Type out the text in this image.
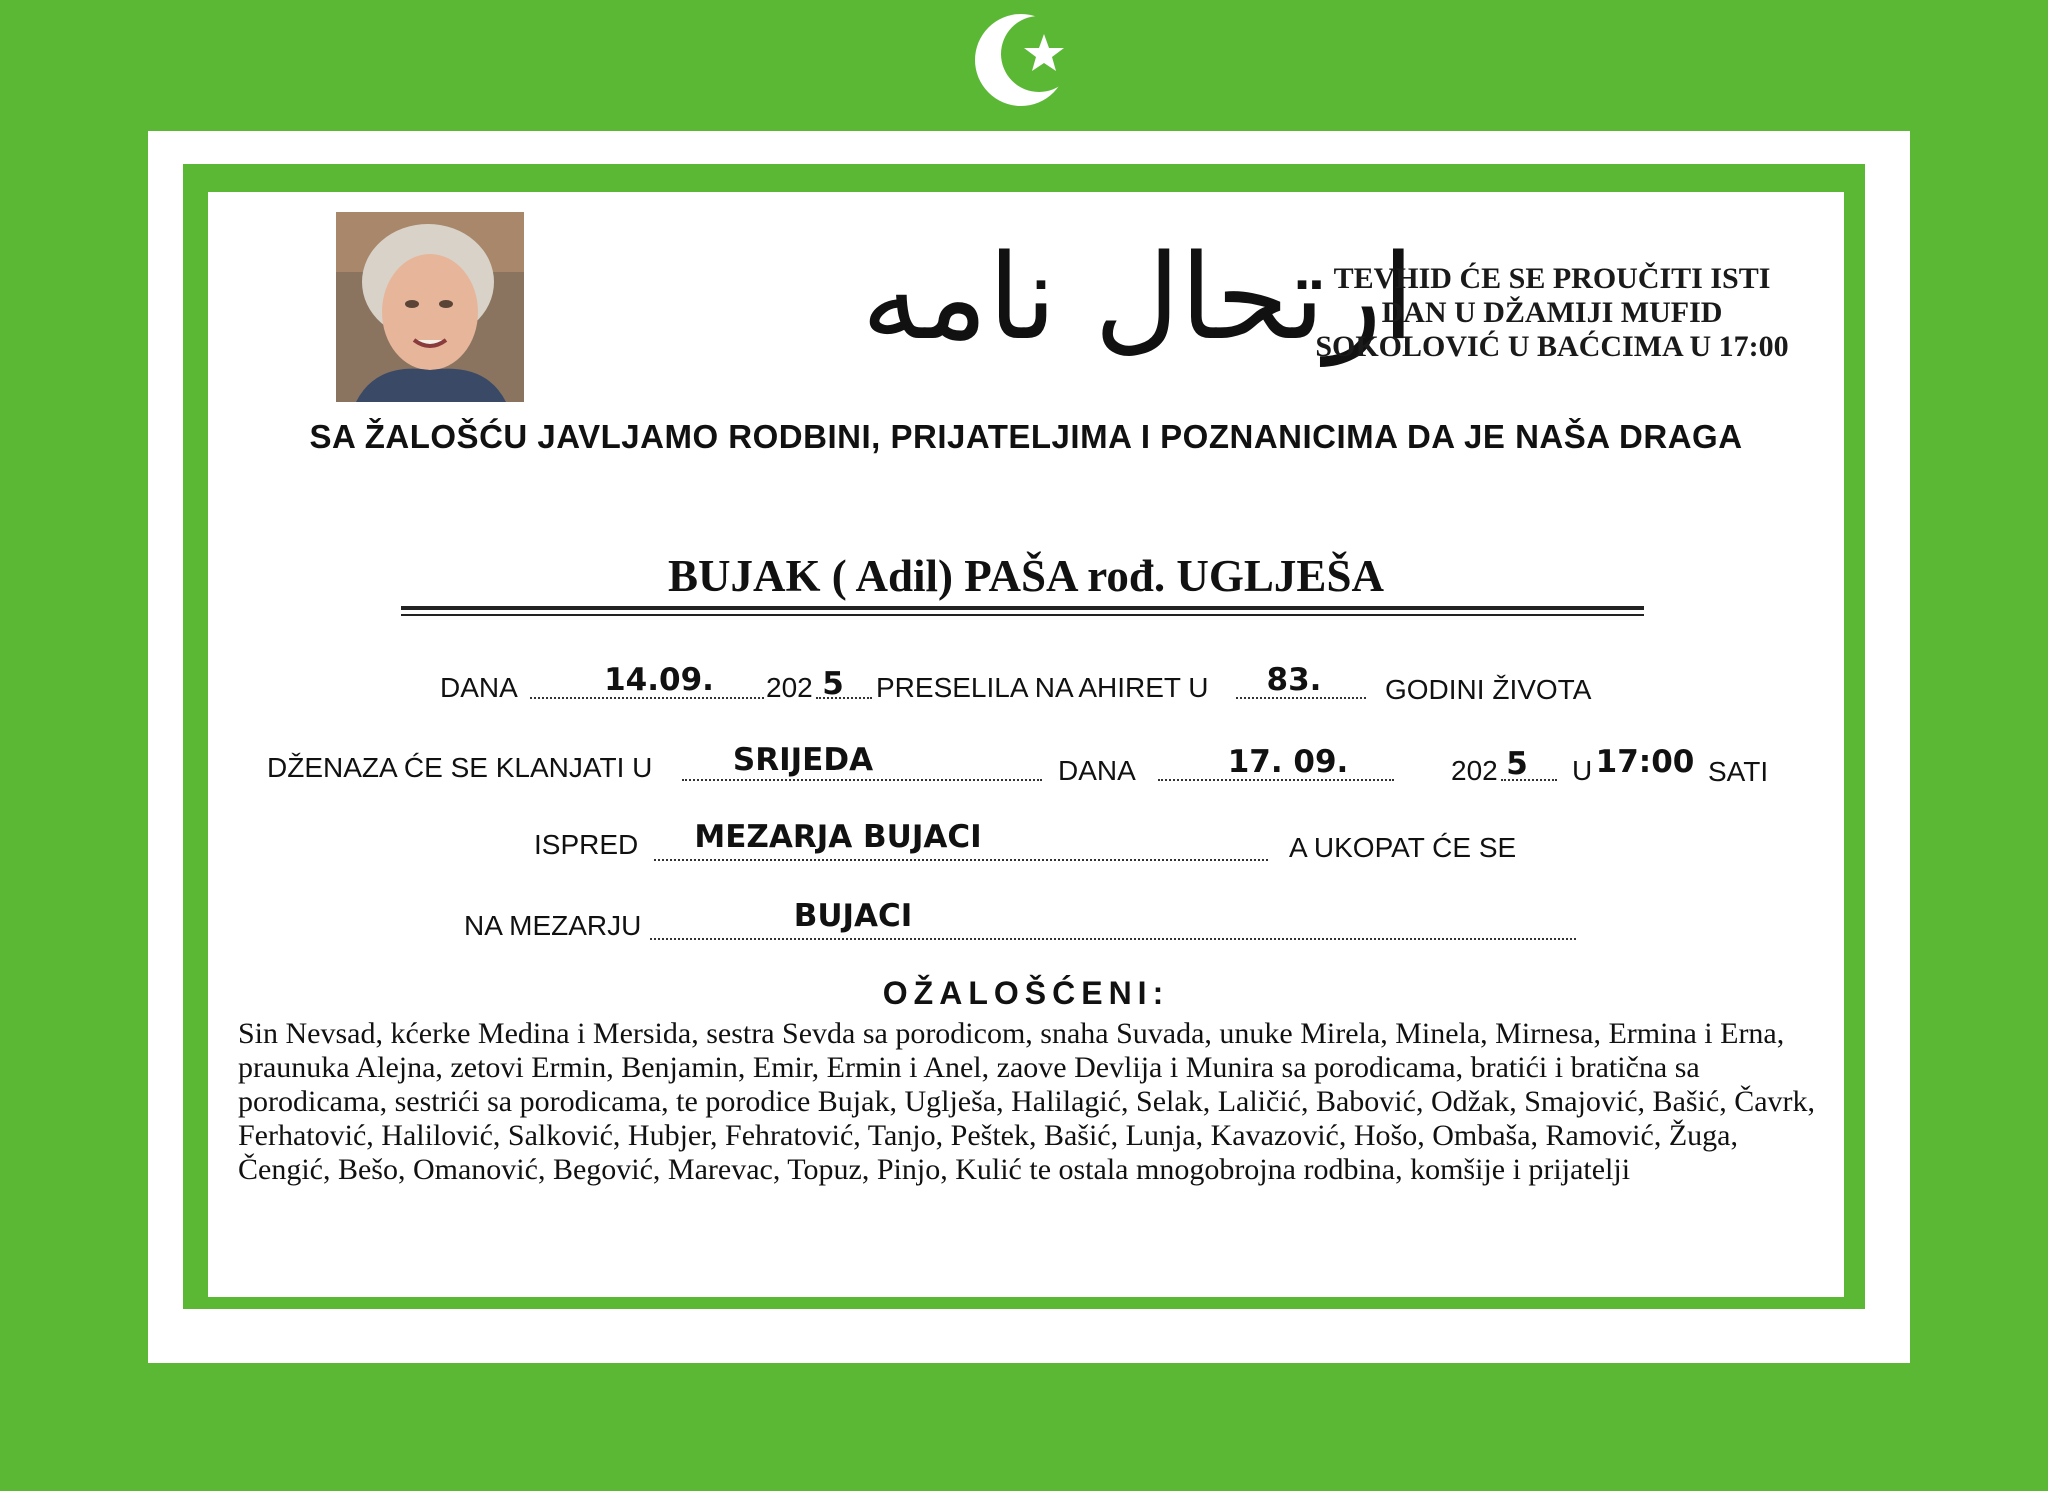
ارتحال نامه
TEVHID ĆE SE PROUČITI ISTI
DAN U DŽAMIJI MUFID
SOKOLOVIĆ U BAĆCIMA U 17:00
SA ŽALOŠĆU JAVLJAMO RODBINI, PRIJATELJIMA I POZNANICIMA DA JE NAŠA DRAGA
BUJAK ( Adil) PAŠA rođ. UGLJEŠA
DANA	14.09.	202 5 PRESELILA NA AHIRET U	83.	GODINI ŽIVOTA
DŽENAZA ĆE SE KLANJATI U	SRIJEDA	DANA	17. 09.	202 5 U 17:00 SATI
ISPRED	MEZARJA BUJACI	A UKOPAT ĆE SE
NA MEZARJU	BUJACI
OŽALOŠĆENI:
Sin Nevsad, kćerke Medina i Mersida, sestra Sevda sa porodicom, snaha Suvada, unuke Mirela, Minela, Mirnesa, Ermina i Erna, praunuka Alejna, zetovi Ermin, Benjamin, Emir, Ermin i Anel, zaove Devlija i Munira sa porodicama, bratići i bratična sa porodicama, sestrići sa porodicama, te porodice Bujak, Uglješa, Halilagić, Selak, Laličić, Babović, Odžak, Smajović, Bašić, Čavrk, Ferhatović, Halilović, Salković, Hubjer, Fehratović, Tanjo, Peštek, Bašić, Lunja, Kavazović, Hošo, Ombaša, Ramović, Žuga, Čengić, Bešo, Omanović, Begović, Marevac, Topuz, Pinjo, Kulić te ostala mnogobrojna rodbina, komšije i prijatelji
